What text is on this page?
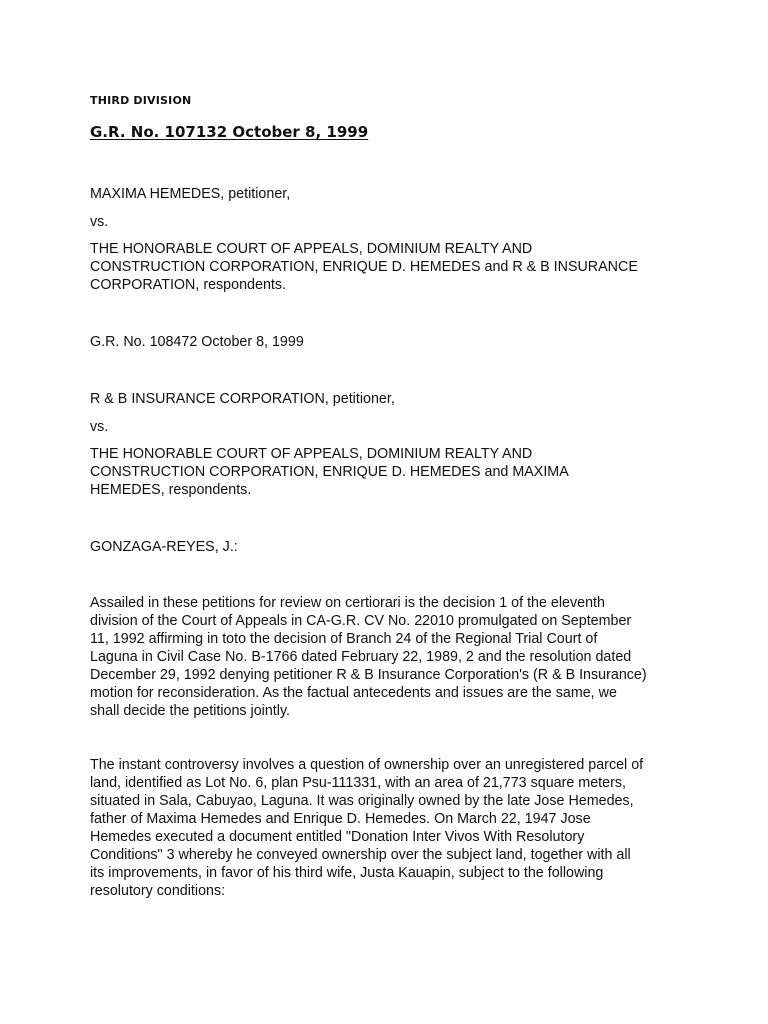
THIRD DIVISION
G.R. No. 107132 October 8, 1999

MAXIMA HEMEDES, petitioner,

vs.

THE HONORABLE COURT OF APPEALS, DOMINIUM REALTY AND
CONSTRUCTION CORPORATION, ENRIQUE D. HEMEDES and R & B INSURANCE
CORPORATION, respondents.

G.R. No. 108472 October 8, 1999

R & B INSURANCE CORPORATION, petitioner,

vs.

THE HONORABLE COURT OF APPEALS, DOMINIUM REALTY AND
CONSTRUCTION CORPORATION, ENRIQUE D. HEMEDES and MAXIMA
HEMEDES, respondents.

GONZAGA-REYES, J.:

Assailed in these petitions for review on certiorari is the decision 1 of the eleventh
division of the Court of Appeals in CA-G.R. CV No. 22010 promulgated on September
11, 1992 affirming in toto the decision of Branch 24 of the Regional Trial Court of
Laguna in Civil Case No. B-1766 dated February 22, 1989, 2 and the resolution dated
December 29, 1992 denying petitioner R & B Insurance Corporation's (R & B Insurance)
motion for reconsideration. As the factual antecedents and issues are the same, we
shall decide the petitions jointly.

The instant controversy involves a question of ownership over an unregistered parcel of
land, identified as Lot No. 6, plan Psu-111331, with an area of 21,773 square meters,
situated in Sala, Cabuyao, Laguna. It was originally owned by the late Jose Hemedes,
father of Maxima Hemedes and Enrique D. Hemedes. On March 22, 1947 Jose
Hemedes executed a document entitled "Donation Inter Vivos With Resolutory
Conditions" 3 whereby he conveyed ownership over the subject land, together with all
its improvements, in favor of his third wife, Justa Kauapin, subject to the following
resolutory conditions:
